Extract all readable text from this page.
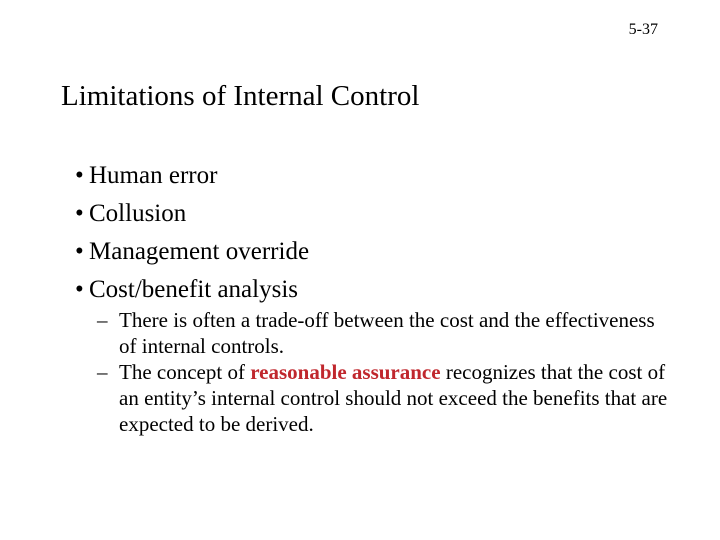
5-37
Limitations of Internal Control
• Human error
• Collusion
• Management override
• Cost/benefit analysis
– There is often a trade-off between the cost and the effectiveness of internal controls.
– The concept of reasonable assurance recognizes that the cost of an entity’s internal control should not exceed the benefits that are expected to be derived.
